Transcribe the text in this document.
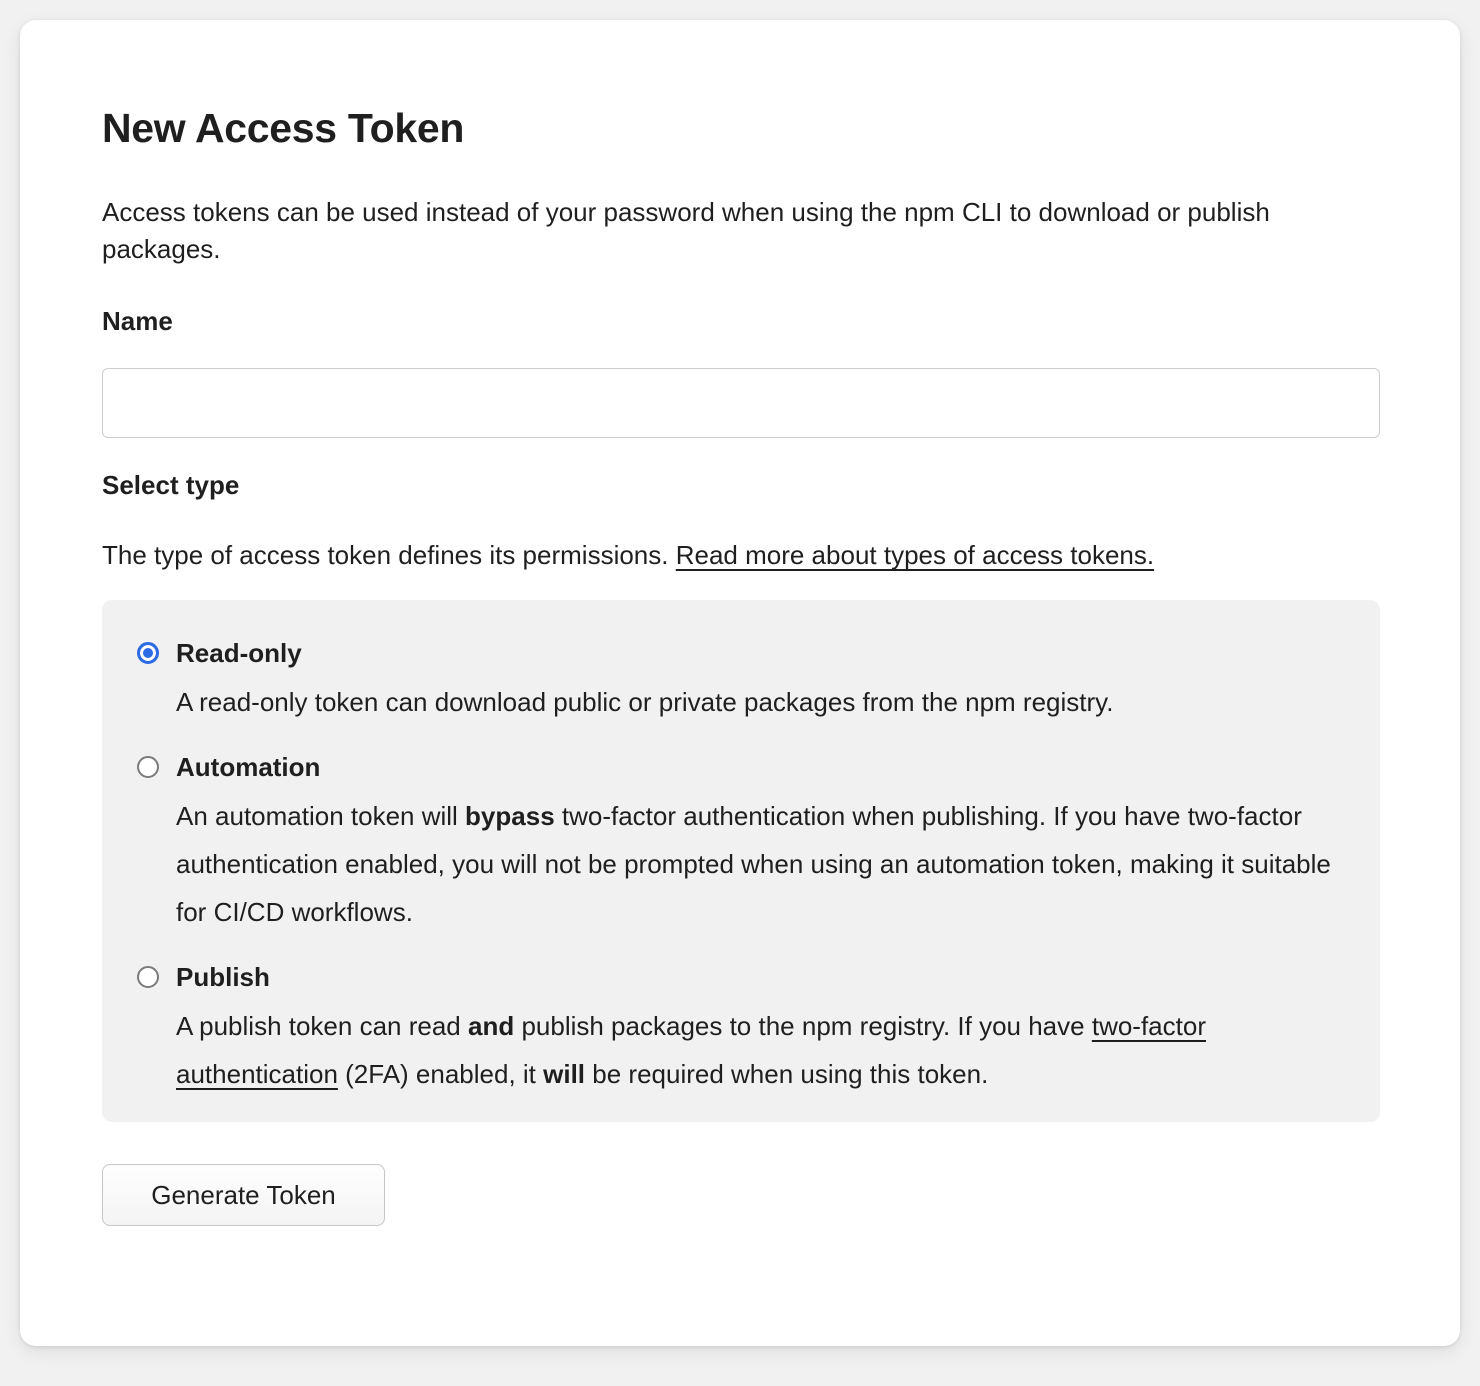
New Access Token

Access tokens can be used instead of your password when using the npm CLI to download or publish packages.

Name
Select type

The type of access token defines its permissions. Read more about types of access tokens.

Read-only
A read-only token can download public or private packages from the npm registry.
Automation
An automation token will bypass two-factor authentication when publishing. If you have two-factor authentication enabled, you will not be prompted when using an automation token, making it suitable for CI/CD workflows.
Publish
A publish token can read and publish packages to the npm registry. If you have two-factor authentication (2FA) enabled, it will be required when using this token.
Generate Token
